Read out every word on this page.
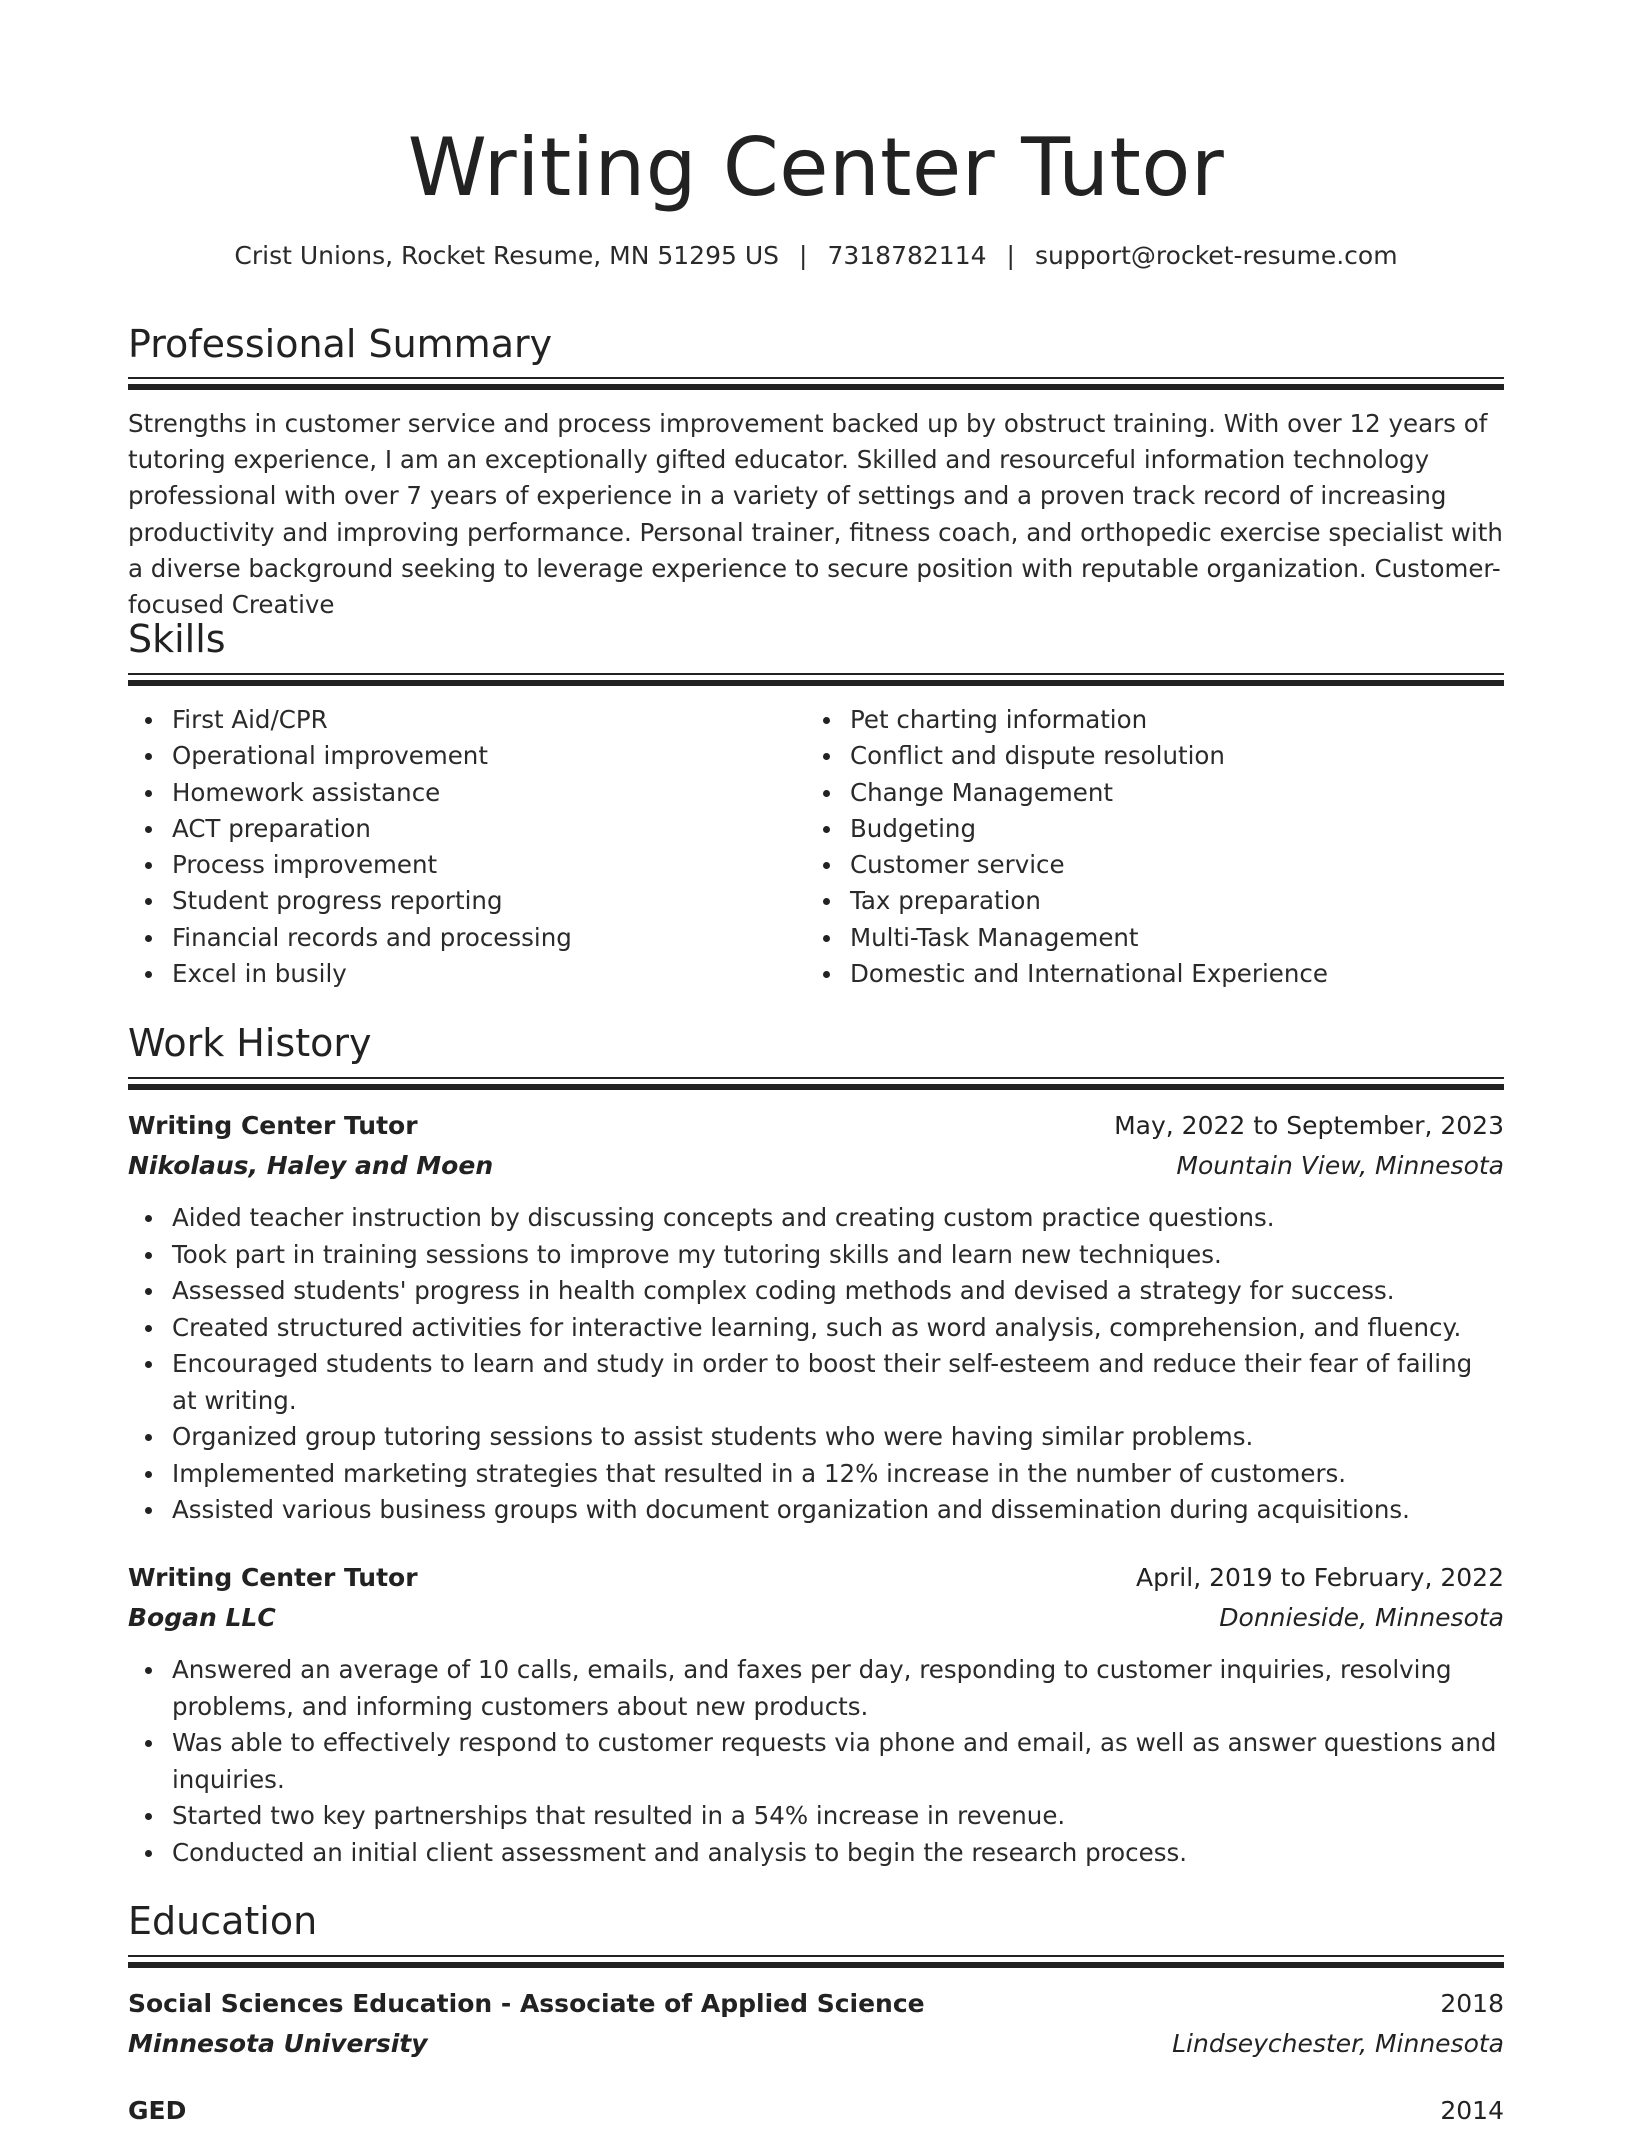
Writing Center Tutor
Crist Unions, Rocket Resume, MN 51295 US | 7318782114 | support@rocket-resume.com
Professional Summary
Strengths in customer service and process improvement backed up by obstruct training. With over 12 years of tutoring experience, I am an exceptionally gifted educator. Skilled and resourceful information technology professional with over 7 years of experience in a variety of settings and a proven track record of increasing productivity and improving performance. Personal trainer, fitness coach, and orthopedic exercise specialist with a diverse background seeking to leverage experience to secure position with reputable organization. Customer-focused Creative
Skills
First Aid/CPR
Operational improvement
Homework assistance
ACT preparation
Process improvement
Student progress reporting
Financial records and processing
Excel in busily
Pet charting information
Conflict and dispute resolution
Change Management
Budgeting
Customer service
Tax preparation
Multi-Task Management
Domestic and International Experience
Work History
Writing Center Tutor	May, 2022 to September, 2023
Nikolaus, Haley and Moen	Mountain View, Minnesota
Aided teacher instruction by discussing concepts and creating custom practice questions.
Took part in training sessions to improve my tutoring skills and learn new techniques.
Assessed students' progress in health complex coding methods and devised a strategy for success.
Created structured activities for interactive learning, such as word analysis, comprehension, and fluency.
Encouraged students to learn and study in order to boost their self-esteem and reduce their fear of failing at writing.
Organized group tutoring sessions to assist students who were having similar problems.
Implemented marketing strategies that resulted in a 12% increase in the number of customers.
Assisted various business groups with document organization and dissemination during acquisitions.
Writing Center Tutor	April, 2019 to February, 2022
Bogan LLC	Donnieside, Minnesota
Answered an average of 10 calls, emails, and faxes per day, responding to customer inquiries, resolving problems, and informing customers about new products.
Was able to effectively respond to customer requests via phone and email, as well as answer questions and inquiries.
Started two key partnerships that resulted in a 54% increase in revenue.
Conducted an initial client assessment and analysis to begin the research process.
Education
Social Sciences Education - Associate of Applied Science	2018
Minnesota University	Lindseychester, Minnesota
GED	2014
